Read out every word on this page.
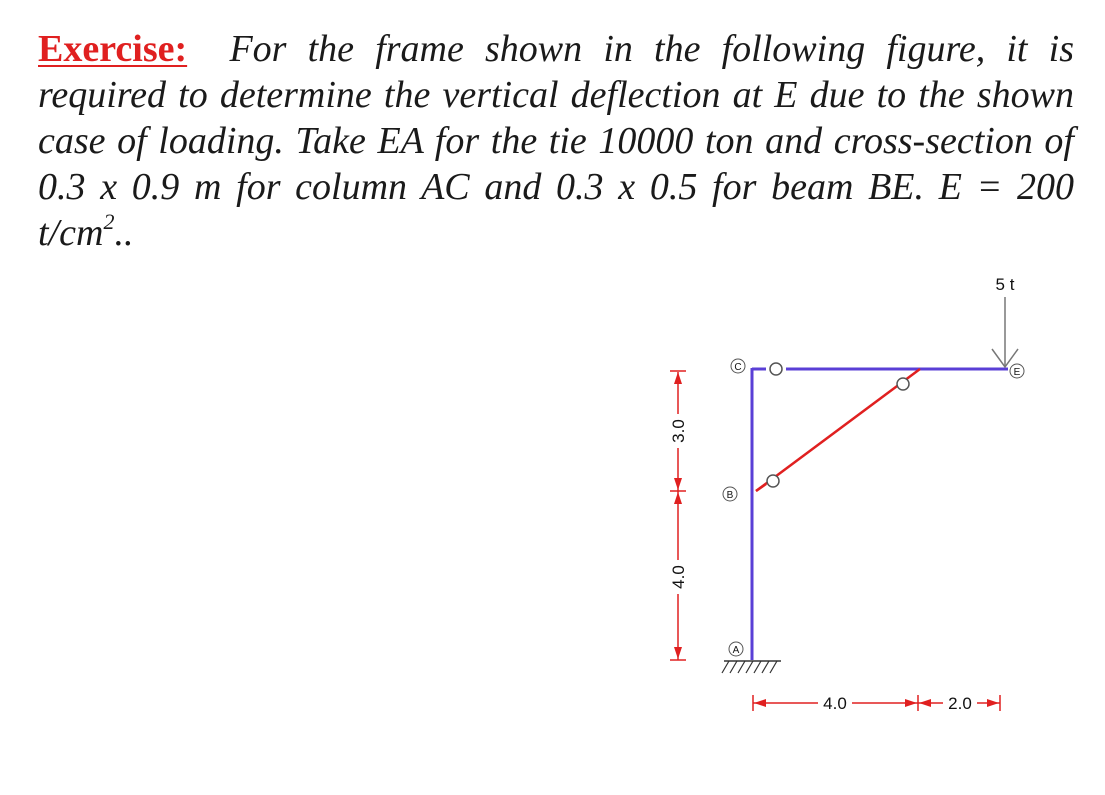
Exercise: For the frame shown in the following figure, it is
required to determine the vertical deflection at E due to the shown
case of loading. Take EA for the tie 10000 ton and cross-section of
0.3 x 0.9 m for column AC and 0.3 x 0.5 for beam BE. E = 200
$t/cm^2$..
5 t
C
B
A
E
3.0
4.0
4.0	2.0
